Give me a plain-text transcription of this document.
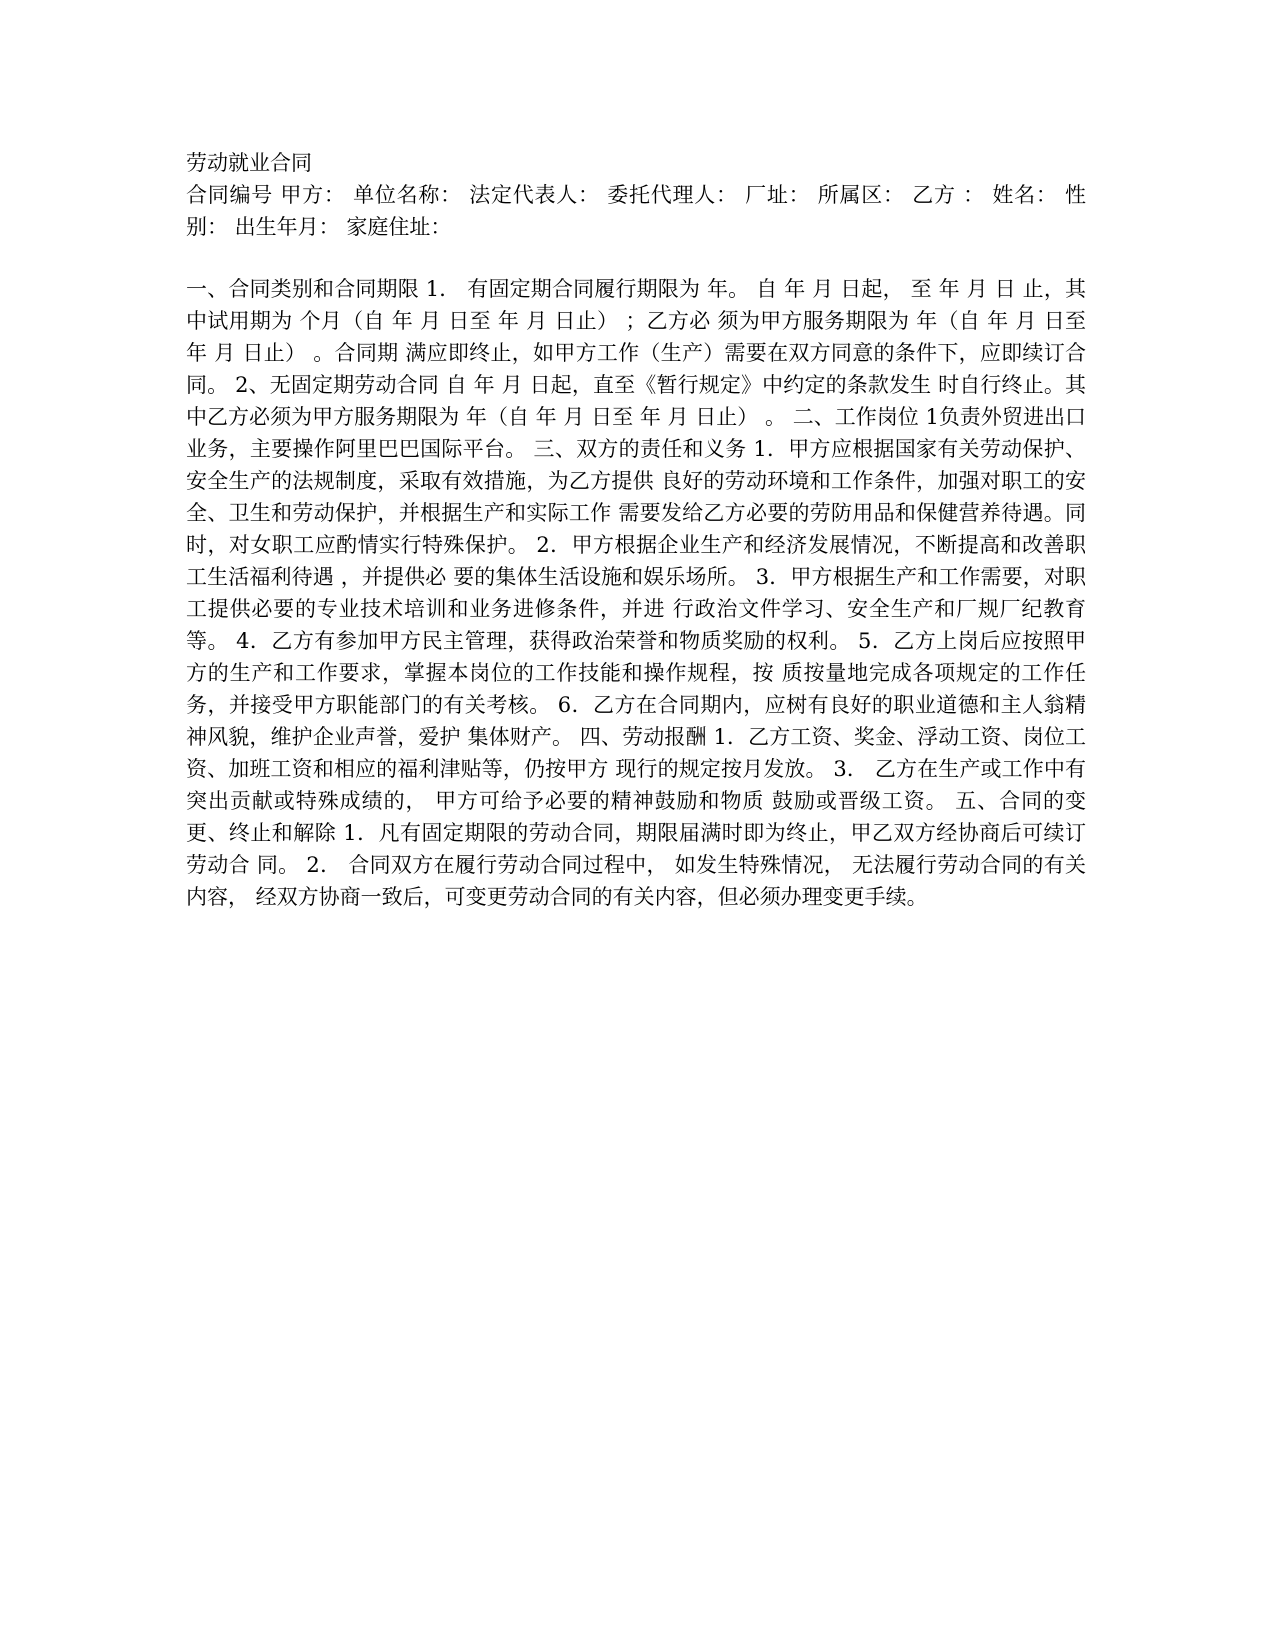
劳动就业合同

合同编号 甲方： 单位名称： 法定代表人： 委托代理人： 厂址： 所属区： 乙方 ： 姓名： 性别： 出生年月： 家庭住址：

一、合同类别和合同期限 1． 有固定期合同履行期限为 年。 自 年 月 日起， 至 年 月 日 止，其中试用期为 个月（自 年 月 日至 年 月 日止） ；乙方必 须为甲方服务期限为 年（自 年 月 日至 年 月 日止） 。合同期 满应即终止，如甲方工作（生产）需要在双方同意的条件下，应即续订合同。 2、无固定期劳动合同 自 年 月 日起，直至《暂行规定》中约定的条款发生 时自行终止。其中乙方必须为甲方服务期限为 年（自 年 月 日至 年 月 日止） 。 二、工作岗位 1负责外贸进出口业务，主要操作阿里巴巴国际平台。 三、双方的责任和义务 1．甲方应根据国家有关劳动保护、安全生产的法规制度，采取有效措施，为乙方提供 良好的劳动环境和工作条件，加强对职工的安全、卫生和劳动保护，并根据生产和实际工作 需要发给乙方必要的劳防用品和保健营养待遇。同时，对女职工应酌情实行特殊保护。 2．甲方根据企业生产和经济发展情况，不断提高和改善职工生活福利待遇 ，并提供必 要的集体生活设施和娱乐场所。 3．甲方根据生产和工作需要，对职工提供必要的专业技术培训和业务进修条件，并进 行政治文件学习、安全生产和厂规厂纪教育等。 4．乙方有参加甲方民主管理，获得政治荣誉和物质奖励的权利。 5．乙方上岗后应按照甲方的生产和工作要求，掌握本岗位的工作技能和操作规程，按 质按量地完成各项规定的工作任务，并接受甲方职能部门的有关考核。 6．乙方在合同期内，应树有良好的职业道德和主人翁精神风貌，维护企业声誉，爱护 集体财产。 四、劳动报酬 1．乙方工资、奖金、浮动工资、岗位工资、加班工资和相应的福利津贴等，仍按甲方 现行的规定按月发放。 3． 乙方在生产或工作中有突出贡献或特殊成绩的， 甲方可给予必要的精神鼓励和物质 鼓励或晋级工资。 五、合同的变更、终止和解除 1．凡有固定期限的劳动合同，期限届满时即为终止，甲乙双方经协商后可续订劳动合 同。 2． 合同双方在履行劳动合同过程中， 如发生特殊情况， 无法履行劳动合同的有关内容， 经双方协商一致后，可变更劳动合同的有关内容，但必须办理变更手续。
